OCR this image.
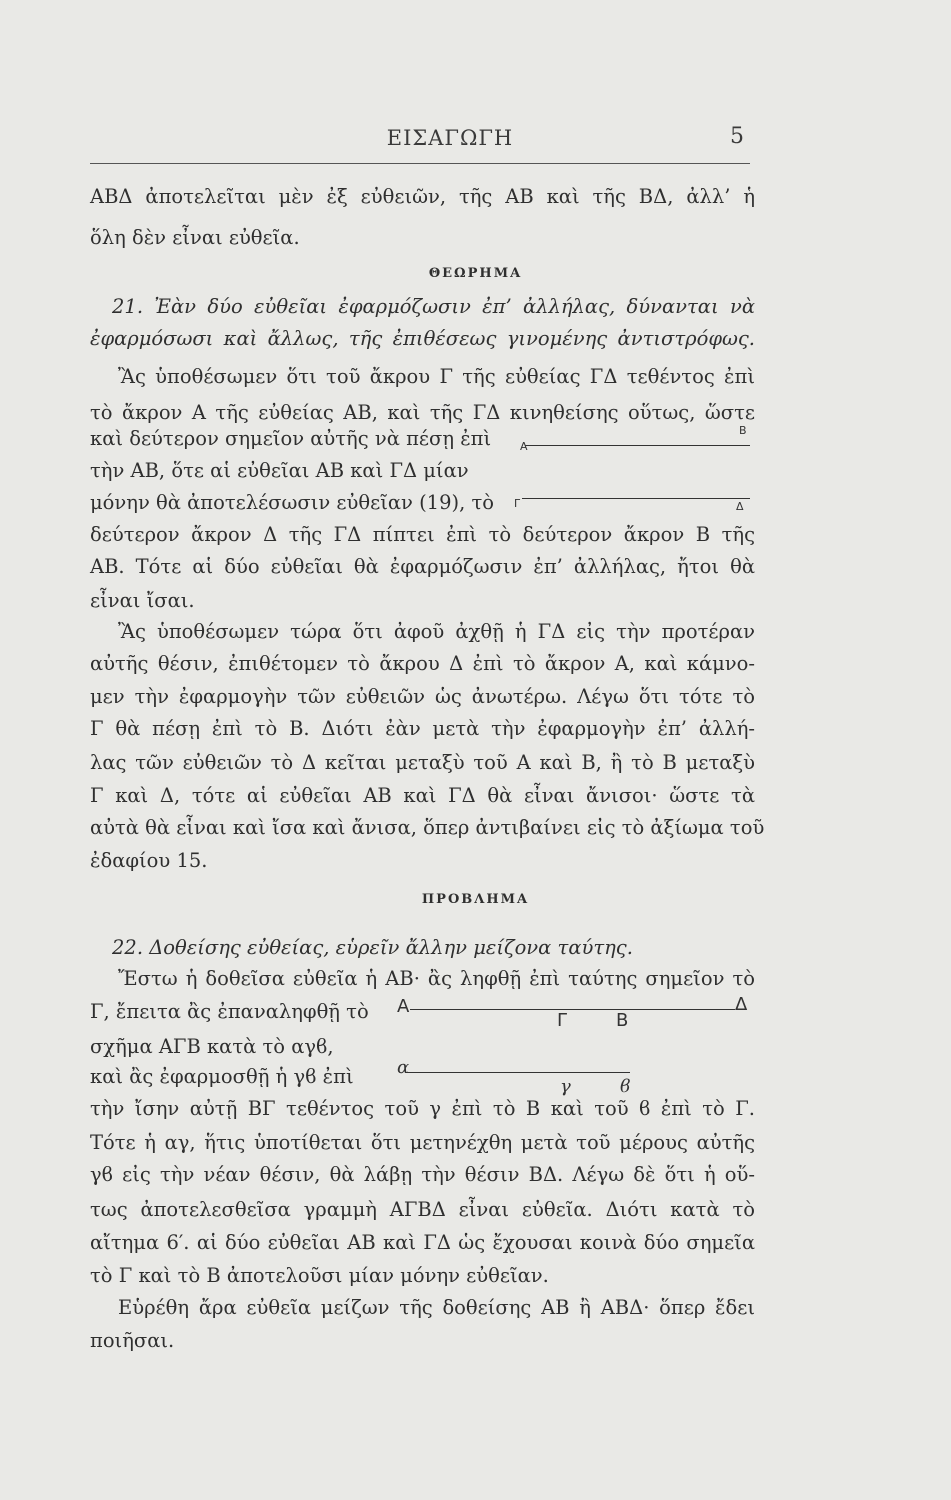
ΕΙΣΑΓΩΓΗ	5
ΑΒΔ ἀποτελεῖται μὲν ἐξ εὐθειῶν, τῆς ΑΒ καὶ τῆς ΒΔ, ἀλλ’ ἡ
ὅλη δὲν εἶναι εὐθεῖα.
ΘΕΩΡΗΜΑ
21. Ἐὰν δύο εὐθεῖαι ἐφαρμόζωσιν ἐπ’ ἀλλήλας, δύνανται νὰ
ἐφαρμόσωσι καὶ ἄλλως, τῆς ἐπιθέσεως γινομένης ἀντιστρόφως.
Ἂς ὑποθέσωμεν ὅτι τοῦ ἄκρου Γ τῆς εὐθείας ΓΔ τεθέντος ἐπὶ
τὸ ἄκρον Α τῆς εὐθείας ΑΒ, καὶ τῆς ΓΔ κινηθείσης οὕτως, ὥστε
καὶ δεύτερον σημεῖον αὐτῆς νὰ πέσῃ ἐπὶ
τὴν ΑΒ, ὅτε αἱ εὐθεῖαι ΑΒ καὶ ΓΔ μίαν
μόνην θὰ ἀποτελέσωσιν εὐθεῖαν (19), τὸ
Α
Β
Γ	Δ
δεύτερον ἄκρον Δ τῆς ΓΔ πίπτει ἐπὶ τὸ δεύτερον ἄκρον Β τῆς
ΑΒ. Τότε αἱ δύο εὐθεῖαι θὰ ἐφαρμόζωσιν ἐπ’ ἀλλήλας, ἤτοι θὰ
εἶναι ἴσαι.
Ἂς ὑποθέσωμεν τώρα ὅτι ἀφοῦ ἀχθῇ ἡ ΓΔ εἰς τὴν προτέραν
αὐτῆς θέσιν, ἐπιθέτομεν τὸ ἄκρου Δ ἐπὶ τὸ ἄκρον Α, καὶ κάμνο-
μεν τὴν ἐφαρμογὴν τῶν εὐθειῶν ὡς ἀνωτέρω. Λέγω ὅτι τότε τὸ
Γ θὰ πέσῃ ἐπὶ τὸ Β. Διότι ἐὰν μετὰ τὴν ἐφαρμογὴν ἐπ’ ἀλλή-
λας τῶν εὐθειῶν τὸ Δ κεῖται μεταξὺ τοῦ Α καὶ Β, ἢ τὸ Β μεταξὺ
Γ καὶ Δ, τότε αἱ εὐθεῖαι ΑΒ καὶ ΓΔ θὰ εἶναι ἄνισοι· ὥστε τὰ
αὐτὰ θὰ εἶναι καὶ ἴσα καὶ ἄνισα, ὅπερ ἀντιβαίνει εἰς τὸ ἀξίωμα τοῦ
ἐδαφίου 15.
ΠΡΟΒΛΗΜΑ
22. Δοθείσης εὐθείας, εὑρεῖν ἄλλην μείζονα ταύτης.
Ἔστω ἡ δοθεῖσα εὐθεῖα ἡ ΑΒ· ἂς ληφθῇ ἐπὶ ταύτης σημεῖον τὸ
Γ, ἔπειτα ἂς ἐπαναληφθῇ τὸ
σχῆμα ΑΓΒ κατὰ τὸ αγϐ,
καὶ ἂς ἐφαρμοσθῇ ἡ γϐ ἐπὶ
Α
Γ	Β
Δ
α
γ	ϐ
τὴν ἴσην αὐτῇ ΒΓ τεθέντος τοῦ γ ἐπὶ τὸ Β καὶ τοῦ ϐ ἐπὶ τὸ Γ.
Τότε ἡ αγ, ἥτις ὑποτίθεται ὅτι μετηνέχθη μετὰ τοῦ μέρους αὐτῆς
γϐ εἰς τὴν νέαν θέσιν, θὰ λάβῃ τὴν θέσιν ΒΔ. Λέγω δὲ ὅτι ἡ οὕ-
τως ἀποτελεσθεῖσα γραμμὴ ΑΓΒΔ εἶναι εὐθεῖα. Διότι κατὰ τὸ
αἴτημα 6′. αἱ δύο εὐθεῖαι ΑΒ καὶ ΓΔ ὡς ἔχουσαι κοινὰ δύο σημεῖα
τὸ Γ καὶ τὸ Β ἀποτελοῦσι μίαν μόνην εὐθεῖαν.
Εὑρέθη ἄρα εὐθεῖα μείζων τῆς δοθείσης ΑΒ ἢ ΑΒΔ· ὅπερ ἔδει
ποιῆσαι.
